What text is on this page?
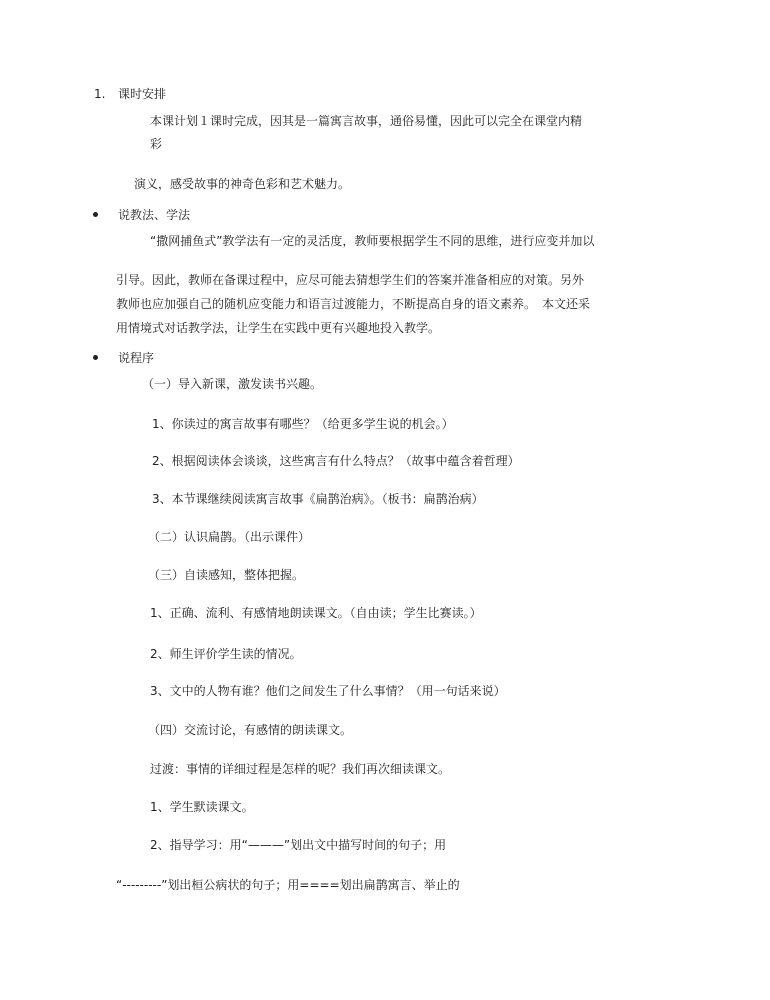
1. 课时安排
本课计划１课时完成，因其是一篇寓言故事，通俗易懂，因此可以完全在课堂内精
彩
演义，感受故事的神奇色彩和艺术魅力。
说教法、学法
“撒网捕鱼式”教学法有一定的灵活度，教师要根据学生不同的思维，进行应变并加以
引导。因此，教师在备课过程中，应尽可能去猜想学生们的答案并准备相应的对策。另外
教师也应加强自己的随机应变能力和语言过渡能力，不断提高自身的语文素养。　本文还采
用情境式对话教学法，让学生在实践中更有兴趣地投入教学。
说程序
（一）导入新课，激发读书兴趣。
1、你读过的寓言故事有哪些？（给更多学生说的机会。）
2、根据阅读体会谈谈，这些寓言有什么特点？（故事中蕴含着哲理）
3、本节课继续阅读寓言故事《扁鹊治病》。（板书：扁鹊治病）
（二）认识扁鹊。（出示课件）
（三）自读感知，整体把握。
1、正确、流利、有感情地朗读课文。（自由读；学生比赛读。）
2、师生评价学生读的情况。
3、文中的人物有谁？他们之间发生了什么事情？（用一句话来说）
（四）交流讨论，有感情的朗读课文。
过渡：事情的详细过程是怎样的呢？我们再次细读课文。
1、学生默读课文。
2、指导学习：用“———”划出文中描写时间的句子；用
“---------”划出桓公病状的句子；用====划出扁鹊寓言、举止的
